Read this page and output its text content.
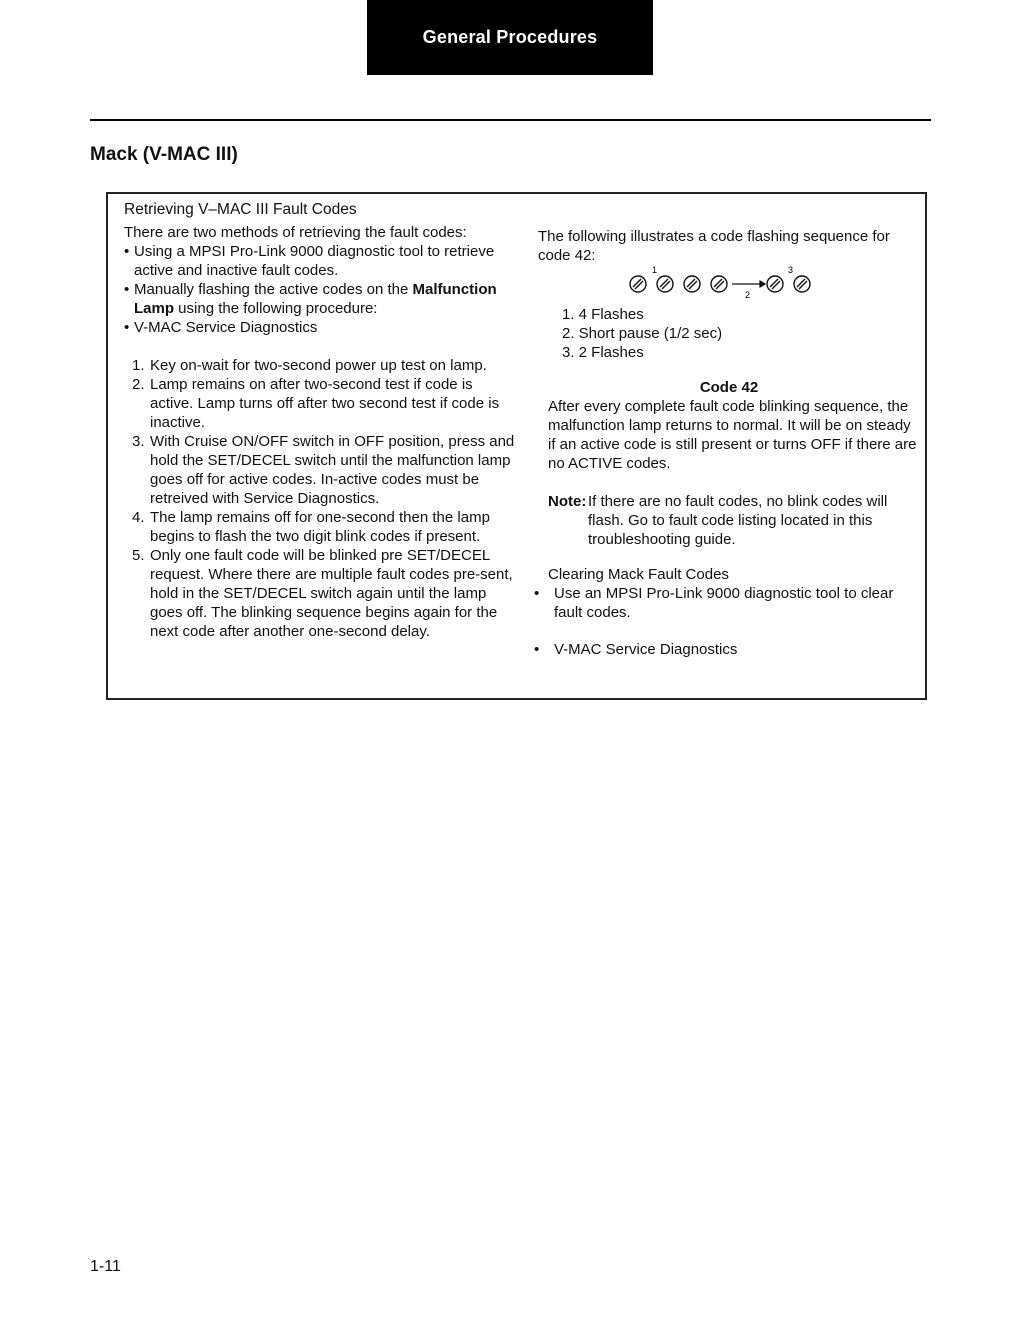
General Procedures
Mack (V-MAC III)
Retrieving V–MAC III Fault Codes

There are two methods of retrieving the fault codes:

• Using a MPSI Pro-Link 9000 diagnostic tool to retrieve active and inactive fault codes.

• Manually flashing the active codes on the Malfunction Lamp using the following procedure:

• V-MAC Service Diagnostics

1. Key on-wait for two-second power up test on lamp.
2. Lamp remains on after two-second test if code is active. Lamp turns off after two second test if code is inactive.
3. With Cruise ON/OFF switch in OFF position, press and hold the SET/DECEL switch until the malfunction lamp goes off for active codes. In-active codes must be retreived with Service Diagnostics.
4. The lamp remains off for one-second then the lamp begins to flash the two digit blink codes if present.
5. Only one fault code will be blinked pre SET/DECEL request. Where there are multiple fault codes pre-sent, hold in the SET/DECEL switch again until the lamp goes off. The blinking sequence begins again for the next code after another one-second delay.

The following illustrates a code flashing sequence for code 42:

1	3
2
1. 4 Flashes
2. Short pause (1/2 sec)
3. 2 Flashes
Code 42

After every complete fault code blinking sequence, the malfunction lamp returns to normal. It will be on steady if an active code is still present or turns OFF if there are no ACTIVE codes.

Note: If there are no fault codes, no blink codes will flash. Go to fault code listing located in this troubleshooting guide.

Clearing Mack Fault Codes

• Use an MPSI Pro-Link 9000 diagnostic tool to clear fault codes.

• V-MAC Service Diagnostics

1-11
